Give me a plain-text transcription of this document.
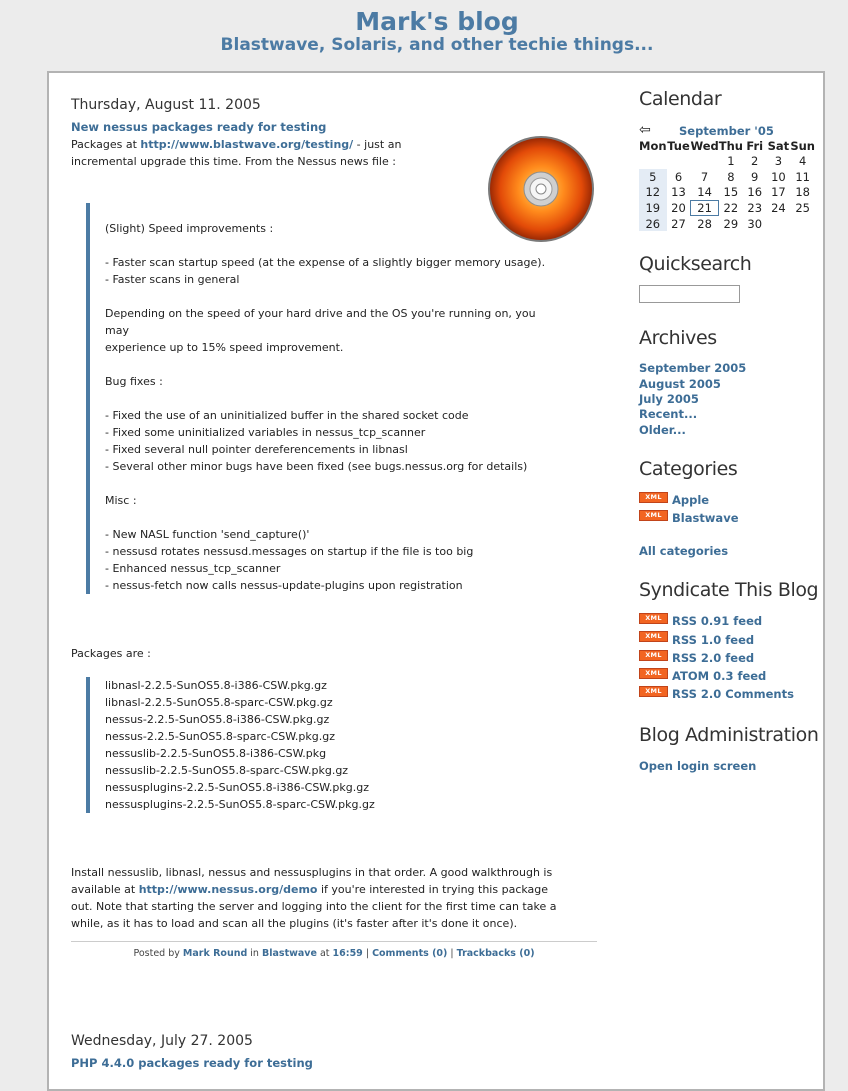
Mark's blog
Blastwave, Solaris, and other techie things...
Thursday, August 11. 2005
New nessus packages ready for testing
Packages at http://www.blastwave.org/testing/ - just an
incremental upgrade this time. From the Nessus news file :
(Slight) Speed improvements :
- Faster scan startup speed (at the expense of a slightly bigger memory usage).
- Faster scans in general
Depending on the speed of your hard drive and the OS you're running on, you
may
experience up to 15% speed improvement.
Bug fixes :
- Fixed the use of an uninitialized buffer in the shared socket code
- Fixed some uninitialized variables in nessus_tcp_scanner
- Fixed several null pointer dereferencements in libnasl
- Several other minor bugs have been fixed (see bugs.nessus.org for details)
Misc :
- New NASL function 'send_capture()'
- nessusd rotates nessusd.messages on startup if the file is too big
- Enhanced nessus_tcp_scanner
- nessus-fetch now calls nessus-update-plugins upon registration
Packages are :
libnasl-2.2.5-SunOS5.8-i386-CSW.pkg.gz
libnasl-2.2.5-SunOS5.8-sparc-CSW.pkg.gz
nessus-2.2.5-SunOS5.8-i386-CSW.pkg.gz
nessus-2.2.5-SunOS5.8-sparc-CSW.pkg.gz
nessuslib-2.2.5-SunOS5.8-i386-CSW.pkg
nessuslib-2.2.5-SunOS5.8-sparc-CSW.pkg.gz
nessusplugins-2.2.5-SunOS5.8-i386-CSW.pkg.gz
nessusplugins-2.2.5-SunOS5.8-sparc-CSW.pkg.gz
Install nessuslib, libnasl, nessus and nessusplugins in that order. A good walkthrough is
available at http://www.nessus.org/demo if you're interested in trying this package
out. Note that starting the server and logging into the client for the first time can take a
while, as it has to load and scan all the plugins (it's faster after it's done it once).
Posted by Mark Round in Blastwave at 16:59 | Comments (0) | Trackbacks (0)
Wednesday, July 27. 2005
PHP 4.4.0 packages ready for testing
Calendar
⇦ September '05
Mon	Tue	Wed	Thu	Fri	Sat	Sun
			1	2	3	4
5	6	7	8	9	10	11
12	13	14	15	16	17	18
19	20	21	22	23	24	25
26	27	28	29	30		
Quicksearch
Archives
September 2005
August 2005
July 2005
Recent...
Older...
Categories
XML Apple
XML Blastwave
All categories
Syndicate This Blog
XML RSS 0.91 feed
XML RSS 1.0 feed
XML RSS 2.0 feed
XML ATOM 0.3 feed
XML RSS 2.0 Comments
Blog Administration
Open login screen
